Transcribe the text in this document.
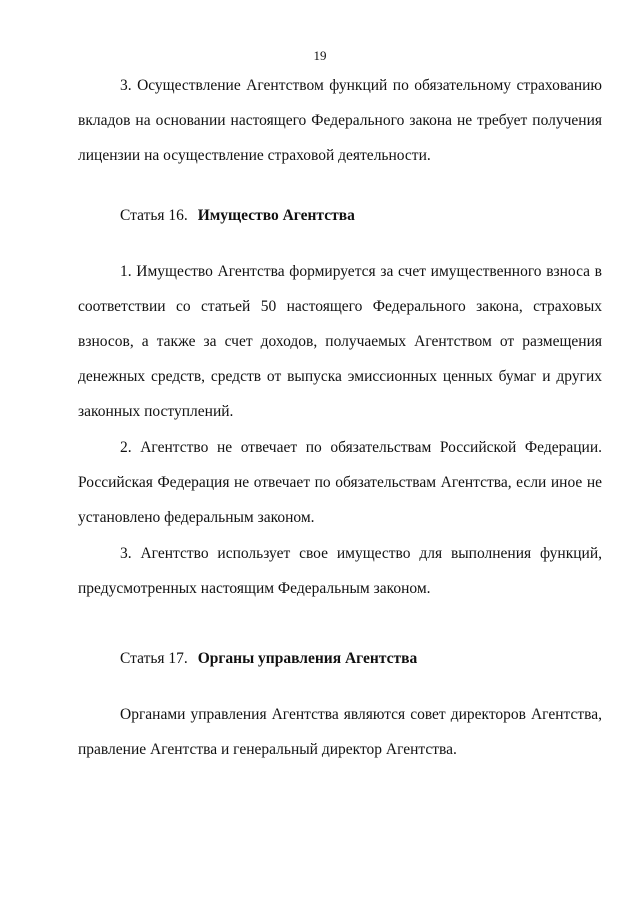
19

3. Осуществление Агентством функций по обязательному страхованию вкладов на основании настоящего Федерального закона не требует получения лицензии на осуществление страховой деятельности.

Статья 16. Имущество Агентства

1. Имущество Агентства формируется за счет имущественного взноса в соответствии со статьей 50 настоящего Федерального закона, страховых взносов, а также за счет доходов, получаемых Агентством от размещения денежных средств, средств от выпуска эмиссионных ценных бумаг и других законных поступлений.

2. Агентство не отвечает по обязательствам Российской Федерации. Российская Федерация не отвечает по обязательствам Агентства, если иное не установлено федеральным законом.

3. Агентство использует свое имущество для выполнения функций, предусмотренных настоящим Федеральным законом.

Статья 17. Органы управления Агентства

Органами управления Агентства являются совет директоров Агентства, правление Агентства и генеральный директор Агентства.
